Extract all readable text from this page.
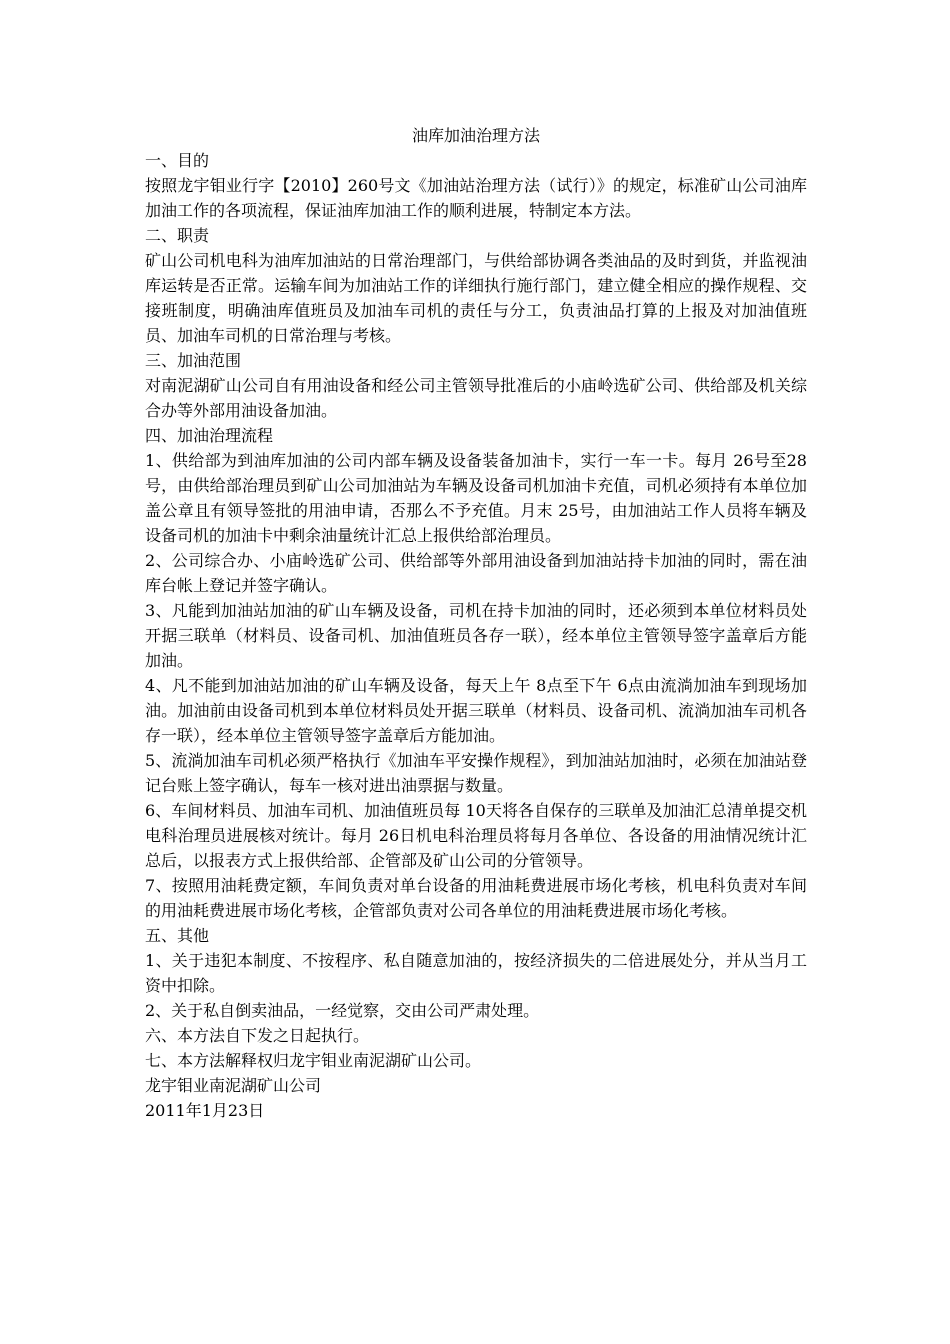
油库加油治理方法

一、目的

按照龙宇钼业行字【2010】260号文《加油站治理方法（试行）》的规定，标准矿山公司油库加油工作的各项流程，保证油库加油工作的顺利进展，特制定本方法。

二、职责

矿山公司机电科为油库加油站的日常治理部门，与供给部协调各类油品的及时到货，并监视油库运转是否正常。运输车间为加油站工作的详细执行施行部门，建立健全相应的操作规程、交接班制度，明确油库值班员及加油车司机的责任与分工，负责油品打算的上报及对加油值班员、加油车司机的日常治理与考核。

三、加油范围

对南泥湖矿山公司自有用油设备和经公司主管领导批准后的小庙岭选矿公司、供给部及机关综合办等外部用油设备加油。

四、加油治理流程

1、供给部为到油库加油的公司内部车辆及设备装备加油卡，实行一车一卡。每月 26号至28号，由供给部治理员到矿山公司加油站为车辆及设备司机加油卡充值，司机必须持有本单位加盖公章且有领导签批的用油申请，否那么不予充值。月末 25号，由加油站工作人员将车辆及设备司机的加油卡中剩余油量统计汇总上报供给部治理员。

2、公司综合办、小庙岭选矿公司、供给部等外部用油设备到加油站持卡加油的同时，需在油库台帐上登记并签字确认。

3、凡能到加油站加油的矿山车辆及设备，司机在持卡加油的同时，还必须到本单位材料员处开据三联单（材料员、设备司机、加油值班员各存一联），经本单位主管领导签字盖章后方能加油。

4、凡不能到加油站加油的矿山车辆及设备，每天上午 8点至下午 6点由流淌加油车到现场加油。加油前由设备司机到本单位材料员处开据三联单（材料员、设备司机、流淌加油车司机各存一联），经本单位主管领导签字盖章后方能加油。

5、流淌加油车司机必须严格执行《加油车平安操作规程》，到加油站加油时，必须在加油站登记台账上签字确认，每车一核对进出油票据与数量。

6、车间材料员、加油车司机、加油值班员每 10天将各自保存的三联单及加油汇总清单提交机电科治理员进展核对统计。每月 26日机电科治理员将每月各单位、各设备的用油情况统计汇总后，以报表方式上报供给部、企管部及矿山公司的分管领导。

7、按照用油耗费定额，车间负责对单台设备的用油耗费进展市场化考核，机电科负责对车间的用油耗费进展市场化考核，企管部负责对公司各单位的用油耗费进展市场化考核。

五、其他

1、关于违犯本制度、不按程序、私自随意加油的，按经济损失的二倍进展处分，并从当月工资中扣除。

2、关于私自倒卖油品，一经觉察，交由公司严肃处理。

六、本方法自下发之日起执行。

七、本方法解释权归龙宇钼业南泥湖矿山公司。

龙宇钼业南泥湖矿山公司

2011年1月23日
